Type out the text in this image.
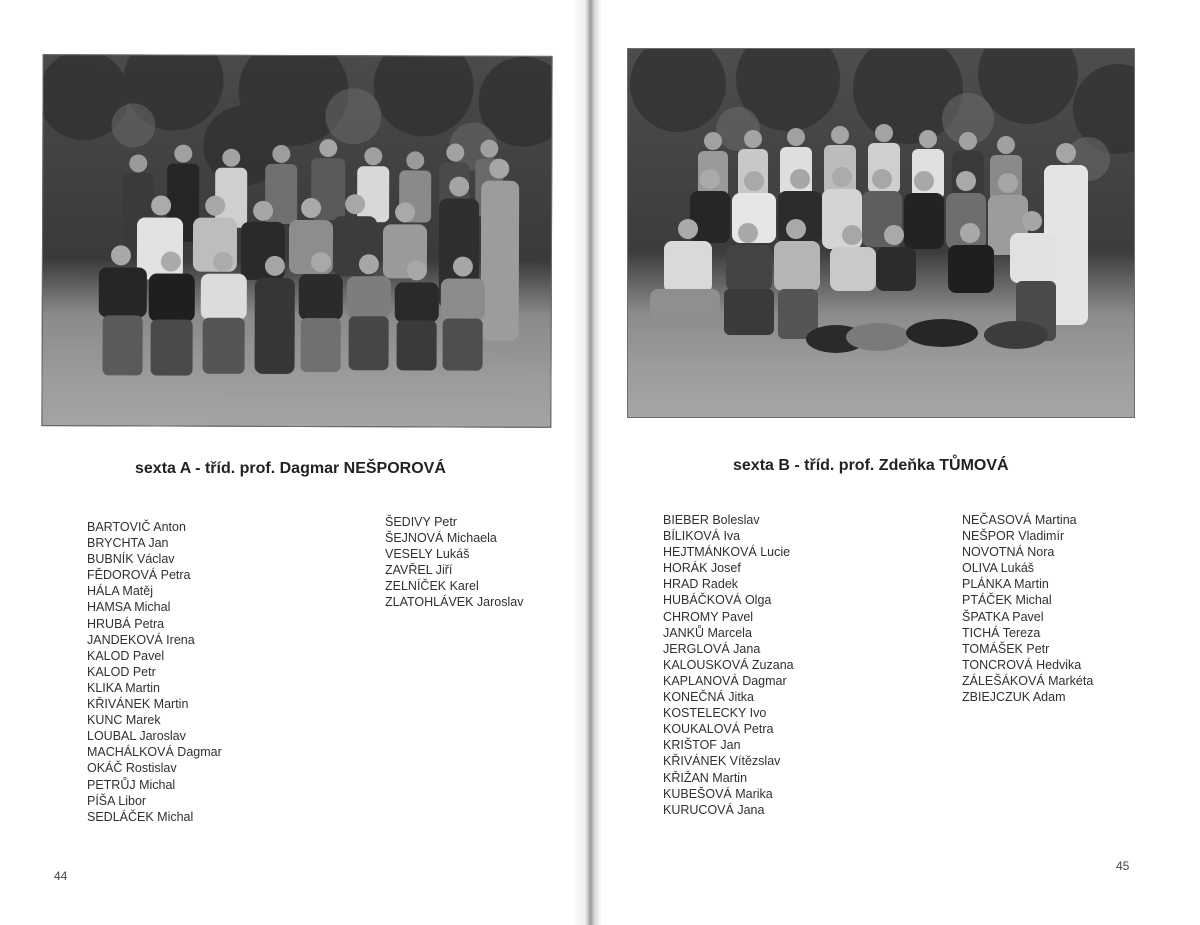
sexta A - tříd. prof. Dagmar NEŠPOROVÁ
BARTOVIČ Anton
BRYCHTA Jan
BUBNÍK Václav
FĚDOROVÁ Petra
HÁLA Matěj
HAMSA Michal
HRUBÁ Petra
JANDEKOVÁ Irena
KALOD Pavel
KALOD Petr
KLIKA Martin
KŘIVÁNEK Martin
KUNC Marek
LOUBAL Jaroslav
MACHÁLKOVÁ Dagmar
OKÁČ Rostislav
PETRŮJ Michal
PÍŠA Libor
SEDLÁČEK Michal
ŠEDIVY Petr
ŠEJNOVÁ Michaela
VESELY Lukáš
ZAVŘEL Jiří
ZELNÍČEK Karel
ZLATOHLÁVEK Jaroslav
44
sexta B - tříd. prof. Zdeňka TŮMOVÁ
BIEBER Boleslav
BÍLIKOVÁ Iva
HEJTMÁNKOVÁ Lucie
HORÁK Josef
HRAD Radek
HUBÁČKOVÁ Olga
CHROMY Pavel
JANKŮ Marcela
JERGLOVÁ Jana
KALOUSKOVÁ Zuzana
KAPLANOVÁ Dagmar
KONEČNÁ Jitka
KOSTELECKY Ivo
KOUKALOVÁ Petra
KRIŠTOF Jan
KŘIVÁNEK Vítězslav
KŘIŽAN Martin
KUBEŠOVÁ Marika
KURUCOVÁ Jana
NEČASOVÁ Martina
NEŠPOR Vladimír
NOVOTNÁ Nora
OLIVA Lukáš
PLÁNKA Martin
PTÁČEK Michal
ŠPATKA Pavel
TICHÁ Tereza
TOMÁŠEK Petr
TONCROVÁ Hedvika
ZÁLEŠÁKOVÁ Markéta
ZBIEJCZUK Adam
45
